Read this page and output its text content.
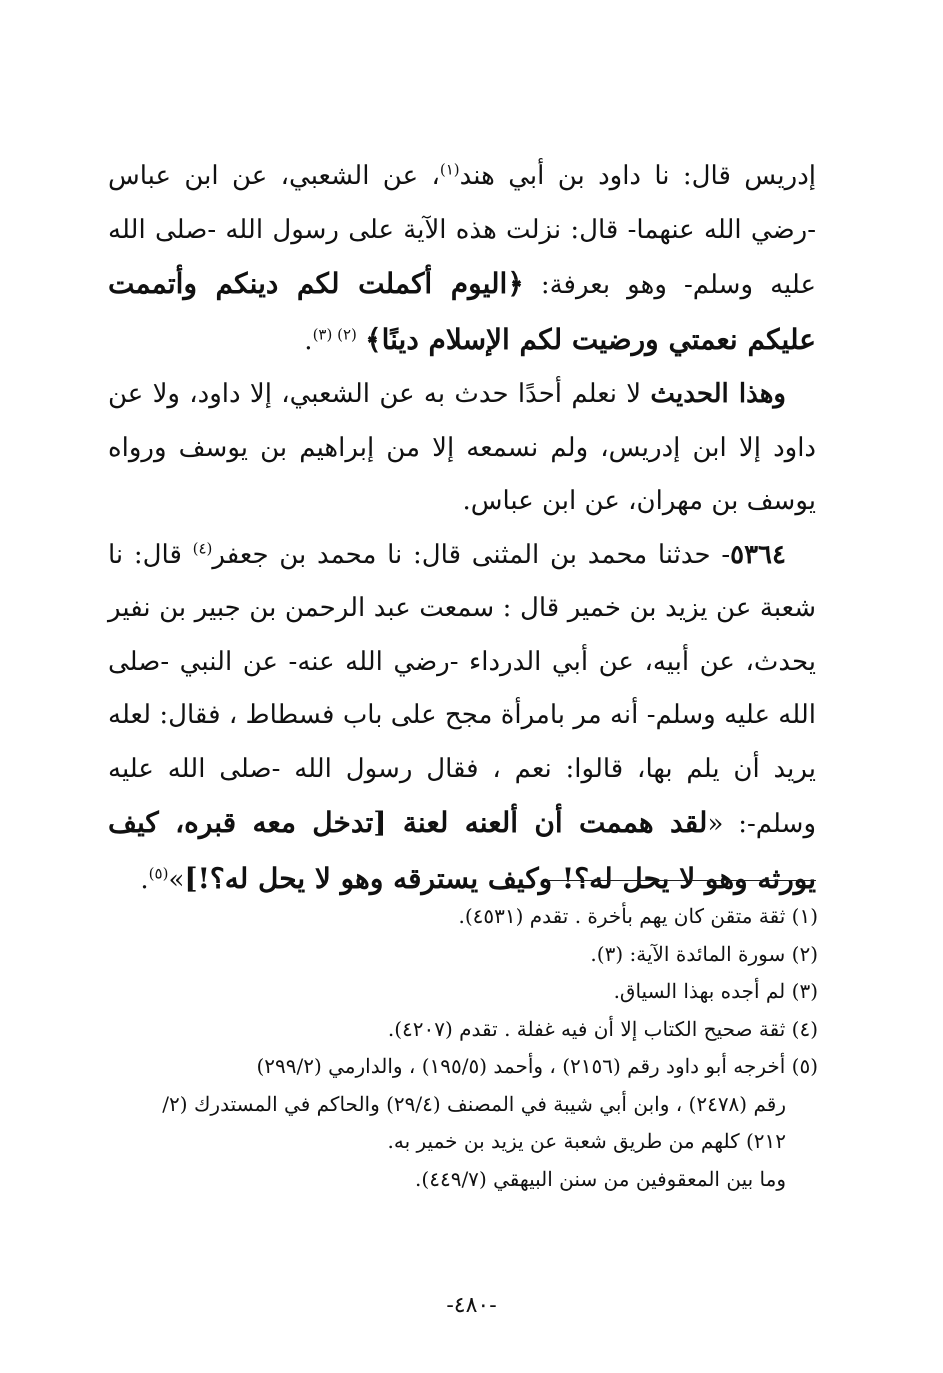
إدريس قال: نا داود بن أبي هند$^{(١)}$، عن الشعبي، عن ابن عباس -رضي الله عنهما- قال: نزلت هذه الآية على رسول الله -صلى الله عليه وسلم- وهو بعرفة: ﴿اليوم أكملت لكم دينكم وأتممت عليكم نعمتي ورضيت لكم الإسلام دينًا﴾ $^{(٢) (٣)}$.

وهذا الحديث لا نعلم أحدًا حدث به عن الشعبي، إلا داود، ولا عن داود إلا ابن إدريس، ولم نسمعه إلا من إبراهيم بن يوسف ورواه يوسف بن مهران، عن ابن عباس.

٥٣٦٤- حدثنا محمد بن المثنى قال: نا محمد بن جعفر$^{(٤)}$ قال: نا شعبة عن يزيد بن خمير قال : سمعت عبد الرحمن بن جبير بن نفير يحدث، عن أبيه، عن أبي الدرداء -رضي الله عنه- عن النبي -صلى الله عليه وسلم- أنه مر بامرأة مجح على باب فسطاط ، فقال: لعله يريد أن يلم بها، قالوا: نعم ، فقال رسول الله -صلى الله عليه وسلم-: «لقد هممت أن ألعنه لعنة [تدخل معه قبره، كيف يورثه وهو لا يحل له؟! وكيف يسترقه وهو لا يحل له؟!]»$^{(٥)}$.

(١) ثقة متقن كان يهم بأخرة . تقدم (٤٥٣١).

(٢) سورة المائدة الآية: (٣).

(٣) لم أجده بهذا السياق.

(٤) ثقة صحيح الكتاب إلا أن فيه غفلة . تقدم (٤٢٠٧).

(٥) أخرجه أبو داود رقم (٢١٥٦) ، وأحمد (١٩٥/٥) ، والدارمي (٢٩٩/٢)

رقم (٢٤٧٨) ، وابن أبي شيبة في المصنف (٢٩/٤) والحاكم في المستدرك (٢/

٢١٢) كلهم من طريق شعبة عن يزيد بن خمير به.

وما بين المعقوفين من سنن البيهقي (٤٤٩/٧).

-٤٨٠-
